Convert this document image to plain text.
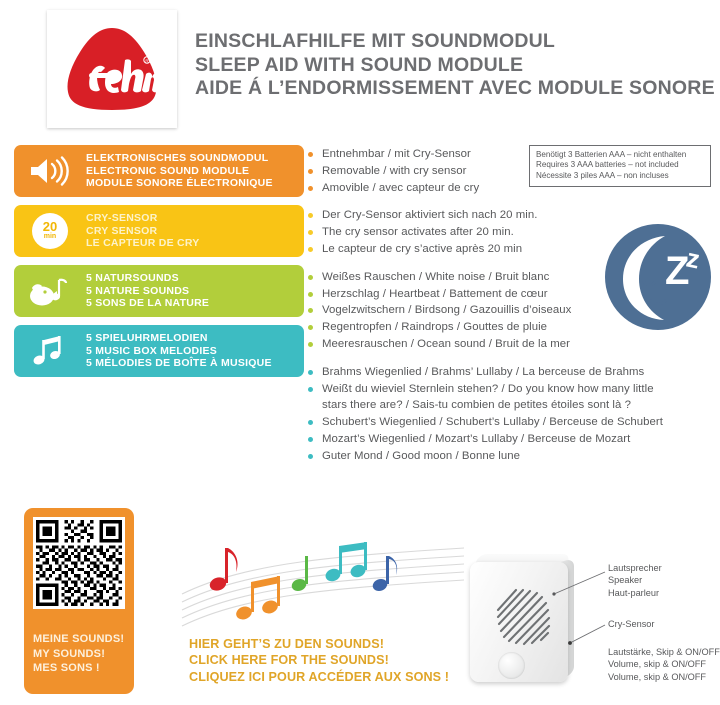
R
EINSCHLAFHILFE MIT SOUNDMODUL
SLEEP AID WITH SOUND MODULE
AIDE Á L’ENDORMISSEMENT AVEC MODULE SONORE
ELEKTRONISCHES SOUNDMODUL
ELECTRONIC SOUND MODULE
MODULE SONORE ÉLECTRONIQUE
20
min
CRY-SENSOR
CRY SENSOR
LE CAPTEUR DE CRY
5 NATURSOUNDS
5 NATURE SOUNDS
5 SONS DE LA NATURE
5 SPIELUHRMELODIEN
5 MUSIC BOX MELODIES
5 MÉLODIES DE BOÎTE À MUSIQUE
Entnehmbar / mit Cry-Sensor
Removable / with cry sensor
Amovible / avec capteur de cry
Der Cry-Sensor aktiviert sich nach 20 min.
The cry sensor activates after 20 min.
Le capteur de cry s’active après 20 min
Weißes Rauschen / White noise / Bruit blanc
Herzschlag / Heartbeat / Battement de cœur
Vogelzwitschern / Birdsong / Gazouillis d’oiseaux
Regentropfen / Raindrops / Gouttes de pluie
Meeresrauschen / Ocean sound / Bruit de la mer
Brahms Wiegenlied / Brahms’ Lullaby / La berceuse de Brahms
Weißt du wieviel Sternlein stehen? / Do you know how many little
stars there are? / Sais-tu combien de petites étoiles sont là ?
Schubert’s Wiegenlied / Schubert’s Lullaby / Berceuse de Schubert
Mozart’s Wiegenlied / Mozart’s Lullaby / Berceuse de Mozart
Guter Mond / Good moon / Bonne lune
Benötigt 3 Batterien AAA – nicht enthalten
Requires 3 AAA batteries – not included
Nécessite 3 piles AAA – non incluses
Z
z
MEINE SOUNDS!
MY SOUNDS!
MES SONS !
HIER GEHT’S ZU DEN SOUNDS!
CLICK HERE FOR THE SOUNDS!
CLIQUEZ ICI POUR ACCÉDER AUX SONS !
Lautsprecher
Speaker
Haut-parleur
Cry-Sensor
Lautstärke, Skip & ON/OFF
Volume, skip & ON/OFF
Volume, skip & ON/OFF
